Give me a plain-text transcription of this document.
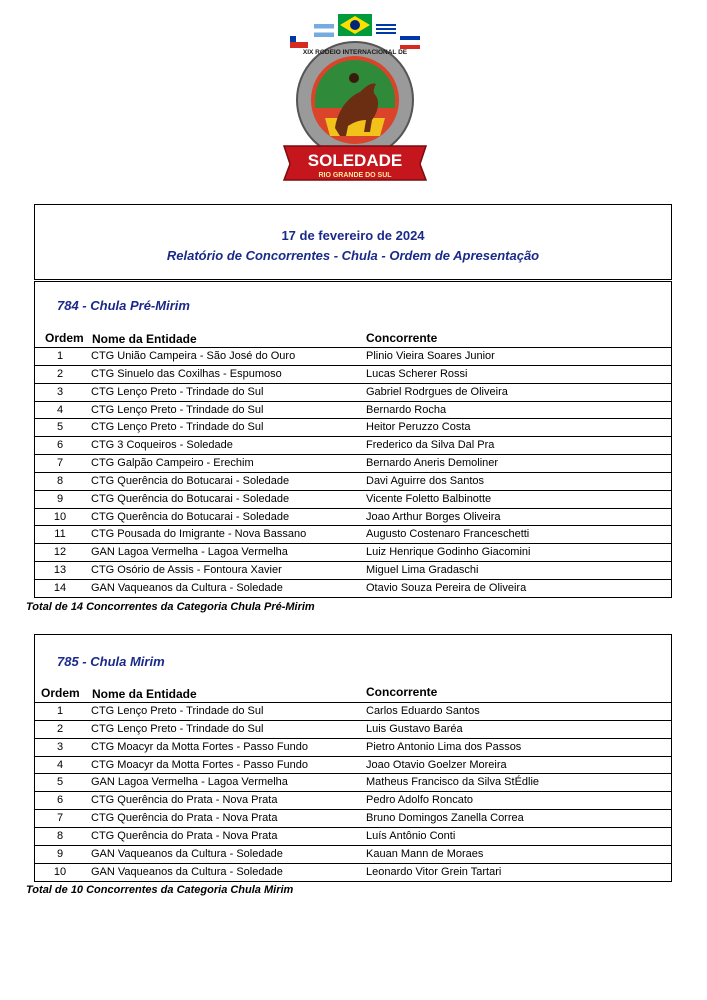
SOLEDADE
RIO GRANDE DO SUL
XIX RODEIO INTERNACIONAL DE
17 de fevereiro de 2024
Relatório de Concorrentes - Chula - Ordem de Apresentação
784 - Chula Pré-Mirim
Ordem Nome da Entidade	Concorrente
1	CTG União Campeira - São José do Ouro	Plinio Vieira Soares Junior
2	CTG Sinuelo das Coxilhas - Espumoso	Lucas Scherer Rossi
3	CTG Lenço Preto - Trindade do Sul	Gabriel Rodrgues de Oliveira
4	CTG Lenço Preto - Trindade do Sul	Bernardo Rocha
5	CTG Lenço Preto - Trindade do Sul	Heitor Peruzzo Costa
6	CTG 3 Coqueiros - Soledade	Frederico da Silva Dal Pra
7	CTG Galpão Campeiro - Erechim	Bernardo Aneris Demoliner
8	CTG Querência do Botucarai - Soledade	Davi Aguirre dos Santos
9	CTG Querência do Botucarai - Soledade	Vicente Foletto Balbinotte
10	CTG Querência do Botucarai - Soledade	Joao Arthur Borges Oliveira
11	CTG Pousada do Imigrante - Nova Bassano	Augusto Costenaro Franceschetti
12	GAN Lagoa Vermelha - Lagoa Vermelha	Luiz Henrique Godinho Giacomini
13	CTG Osório de Assis - Fontoura Xavier	Miguel Lima Gradaschi
14	GAN Vaqueanos da Cultura - Soledade	Otavio Souza Pereira de Oliveira
Total de 14 Concorrentes da Categoria Chula Pré-Mirim
785 - Chula Mirim
Ordem Nome da Entidade	Concorrente
1	CTG Lenço Preto - Trindade do Sul	Carlos Eduardo Santos
2	CTG Lenço Preto - Trindade do Sul	Luis Gustavo Baréa
3	CTG Moacyr da Motta Fortes - Passo Fundo	Pietro Antonio Lima dos Passos
4	CTG Moacyr da Motta Fortes - Passo Fundo	Joao Otavio Goelzer Moreira
5	GAN Lagoa Vermelha - Lagoa Vermelha	Matheus Francisco da Silva StÉdlie
6	CTG Querência do Prata - Nova Prata	Pedro Adolfo Roncato
7	CTG Querência do Prata - Nova Prata	Bruno Domingos Zanella Correa
8	CTG Querência do Prata - Nova Prata	Luís Antônio Conti
9	GAN Vaqueanos da Cultura - Soledade	Kauan Mann de Moraes
10	GAN Vaqueanos da Cultura - Soledade	Leonardo Vitor Grein Tartari
Total de 10 Concorrentes da Categoria Chula Mirim
